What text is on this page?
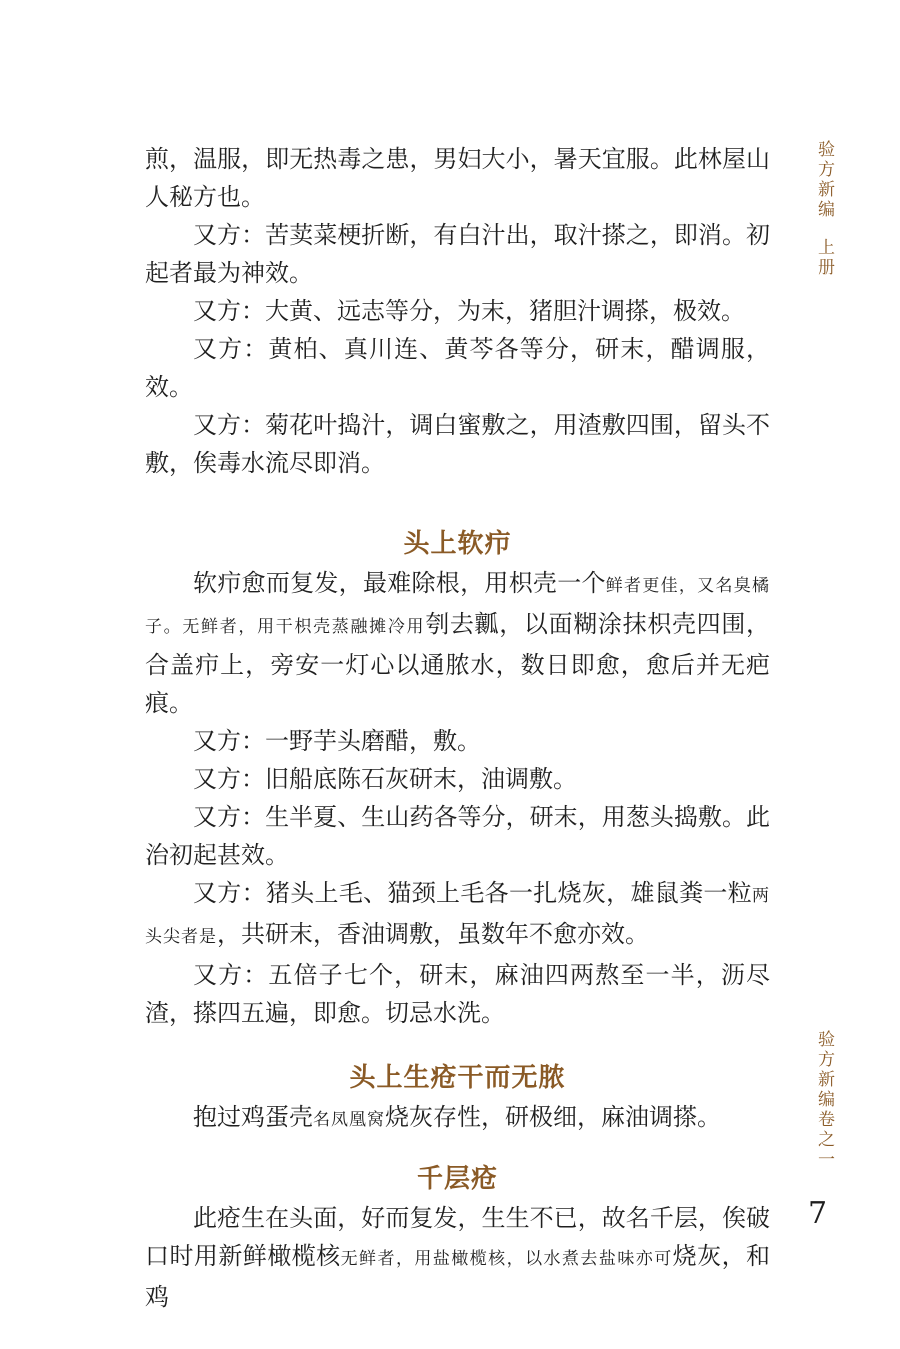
煎，温服，即无热毒之患，男妇大小，暑天宜服。此林屋山人秘方也。

又方：苦荬菜梗折断，有白汁出，取汁搽之，即消。初起者最为神效。

又方：大黄、远志等分，为末，猪胆汁调搽，极效。

又方：黄柏、真川连、黄芩各等分，研末，醋调服，效。

又方：菊花叶捣汁，调白蜜敷之，用渣敷四围，留头不敷，俟毒水流尽即消。

头上软疖

软疖愈而复发，最难除根，用枳壳一个鲜者更佳，又名臭橘子。无鲜者，用干枳壳蒸融摊冷用刳去瓤，以面糊涂抹枳壳四围，合盖疖上，旁安一灯心以通脓水，数日即愈，愈后并无疤痕。

又方：一野芋头磨醋，敷。

又方：旧船底陈石灰研末，油调敷。

又方：生半夏、生山药各等分，研末，用葱头捣敷。此治初起甚效。

又方：猪头上毛、猫颈上毛各一扎烧灰，雄鼠粪一粒两头尖者是，共研末，香油调敷，虽数年不愈亦效。

又方：五倍子七个，研末，麻油四两熬至一半，沥尽渣，搽四五遍，即愈。切忌水洗。

头上生疮干而无脓

抱过鸡蛋壳名凤凰窝烧灰存性，研极细，麻油调搽。

千层疮

此疮生在头面，好而复发，生生不已，故名千层，俟破口时用新鲜橄榄核无鲜者，用盐橄榄核，以水煮去盐味亦可烧灰，和鸡

验方新编上册
验方新编卷之一
7
